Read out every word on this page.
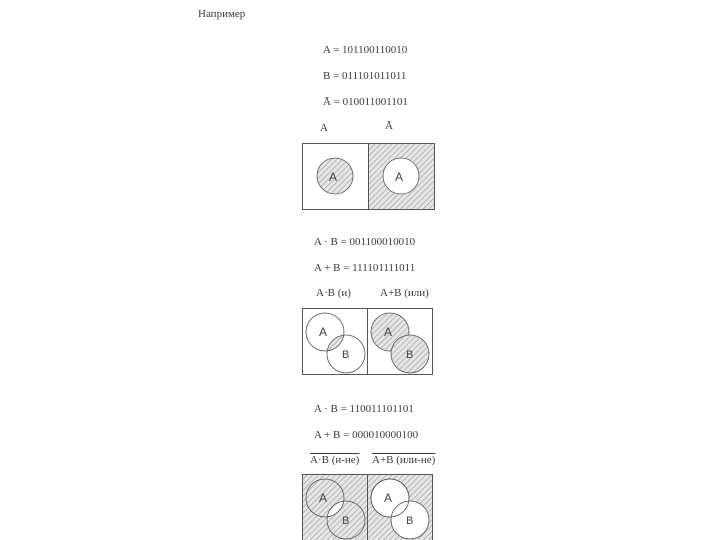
Например
A = 101100110010
B = 011101011011
Ā = 010011001101
A	Ā
A	A
A · B = 001100010010
A + B = 111101111011
A·B (и)	A+B (или)
A
B
A
B
A · B = 110011101101
A + B = 000010000100
A·B (и-не) A+B (или-не)
A
B
A
B
